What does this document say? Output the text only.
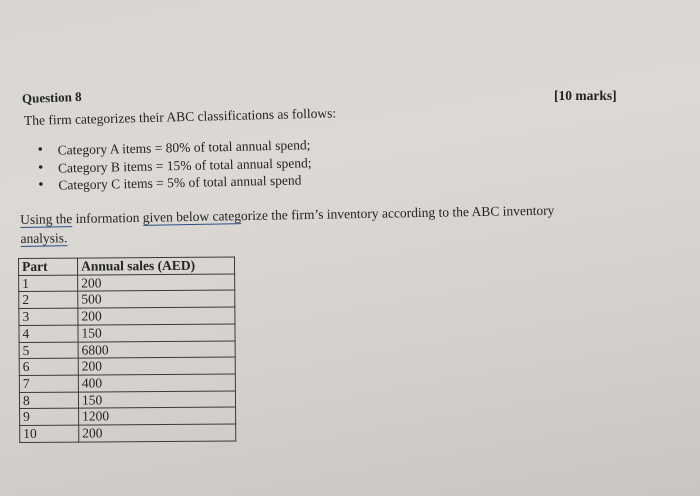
Question 8	[10 marks]
The firm categorizes their ABC classifications as follows:
• Category A items = 80% of total annual spend;
• Category B items = 15% of total annual spend;
• Category C items = 5% of total annual spend
Using the information given below categorize the firm’s inventory according to the ABC inventory
analysis.
Part	Annual sales (AED)
1	200
2	500
3	200
4	150
5	6800
6	200
7	400
8	150
9	1200
10	200
